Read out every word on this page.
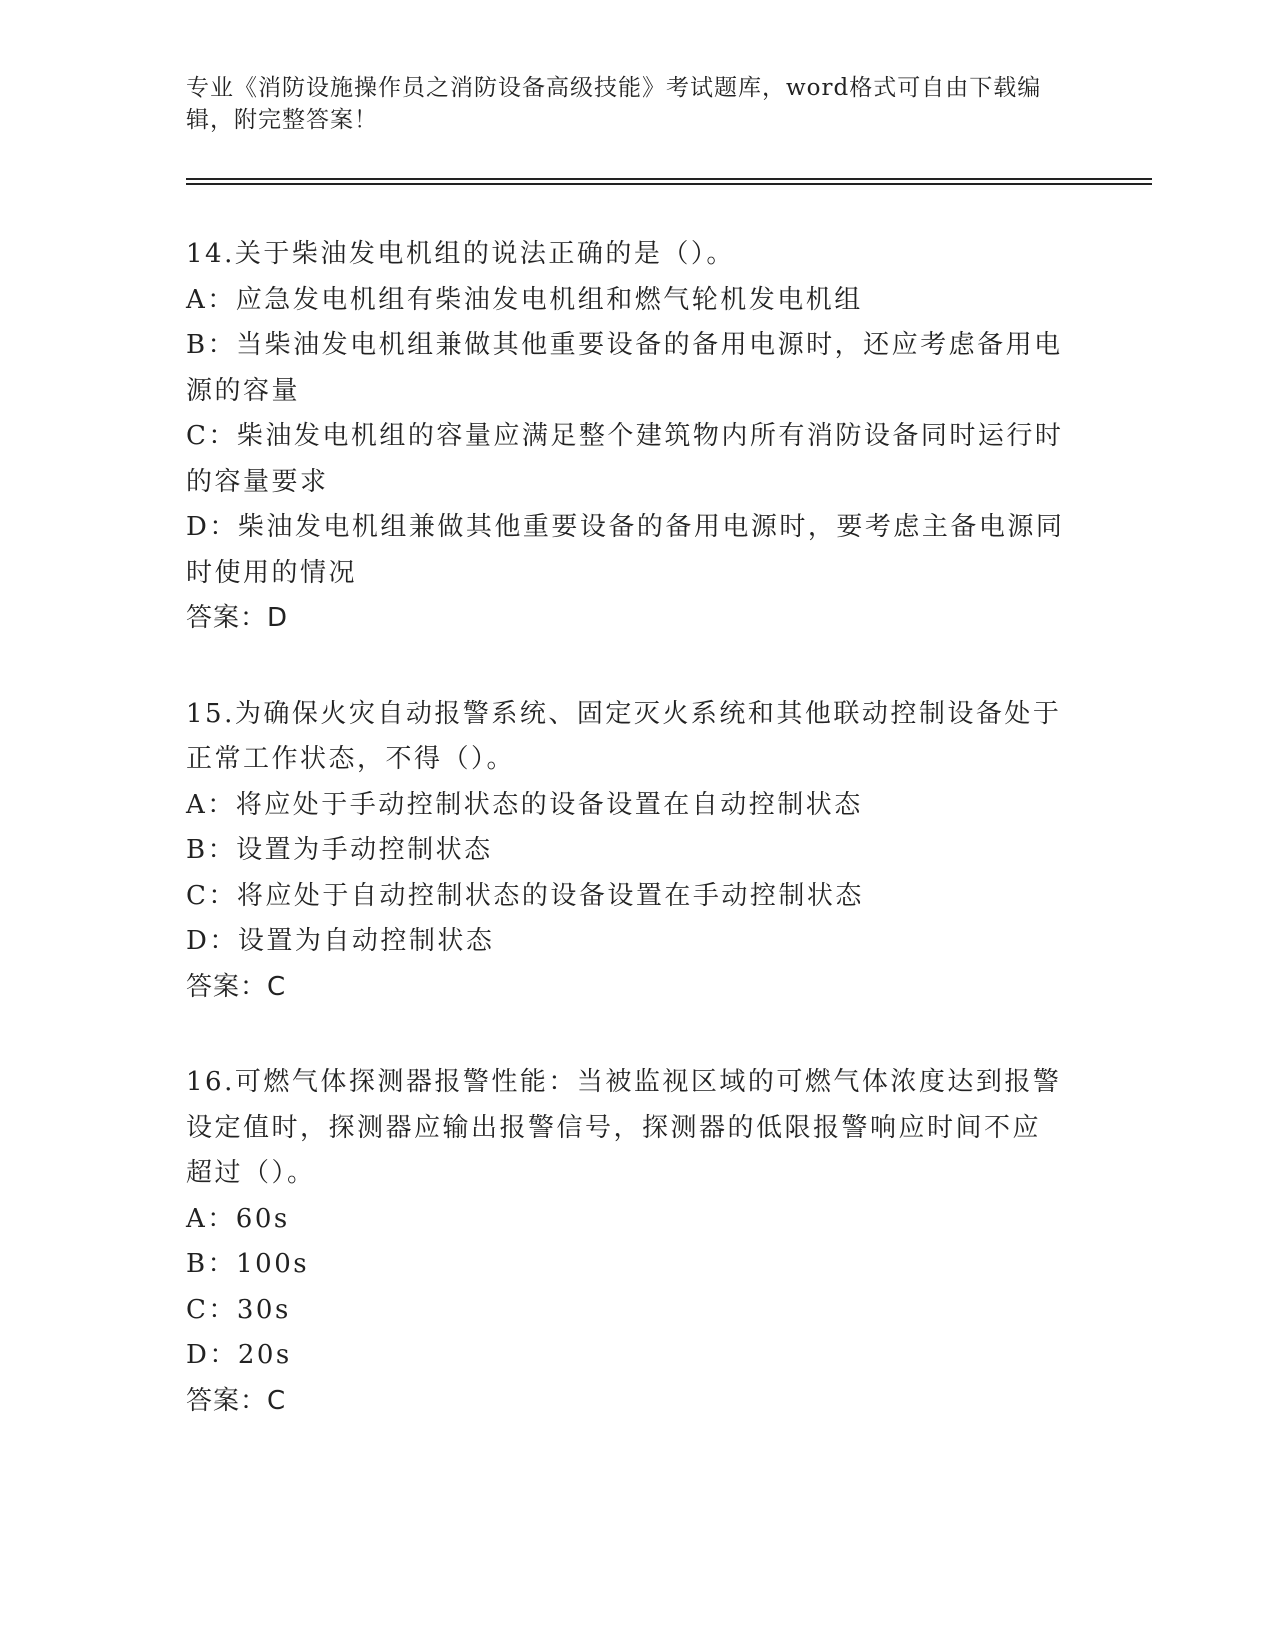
专业《消防设施操作员之消防设备高级技能》考试题库，word格式可自由下载编辑，附完整答案！
14.关于柴油发电机组的说法正确的是（）。
A：应急发电机组有柴油发电机组和燃气轮机发电机组
B：当柴油发电机组兼做其他重要设备的备用电源时，还应考虑备用电源的容量
C：柴油发电机组的容量应满足整个建筑物内所有消防设备同时运行时的容量要求
D：柴油发电机组兼做其他重要设备的备用电源时，要考虑主备电源同时使用的情况
答案：D
15.为确保火灾自动报警系统、固定灭火系统和其他联动控制设备处于正常工作状态，不得（）。
A：将应处于手动控制状态的设备设置在自动控制状态
B：设置为手动控制状态
C：将应处于自动控制状态的设备设置在手动控制状态
D：设置为自动控制状态
答案：C
16.可燃气体探测器报警性能：当被监视区域的可燃气体浓度达到报警设定值时，探测器应输出报警信号，探测器的低限报警响应时间不应超过（）。
A：60s
B：100s
C：30s
D：20s
答案：C
